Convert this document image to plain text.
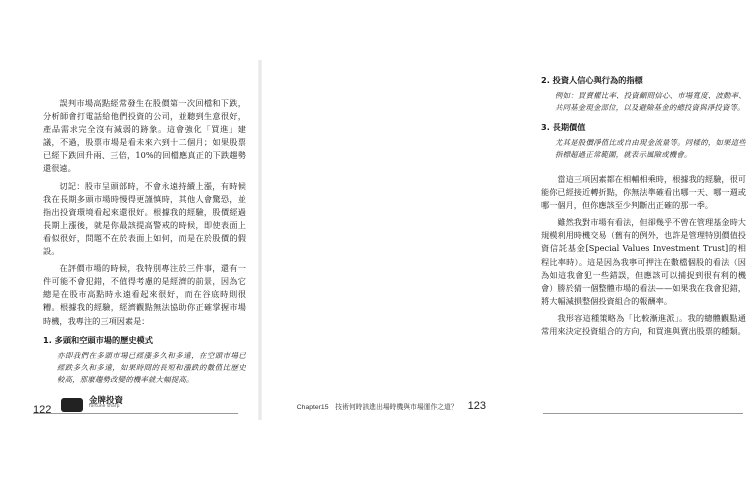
誤判市場高點經常發生在股價第一次回檔和下跌，分析師會打電話給他們投資的公司，並聽到生意很好，產品需求完全沒有減弱的跡象。這會強化「買進」建議，不過，股票市場是看未來六到十二個月；如果股票已經下跌回升兩、三倍，10%的回檔應真正的下跌趨勢還很遠。

切記：股市呈頭部時，不會永遠持續上漲，有時候我在長期多頭市場時慢得更謹慎時，其他人會驚恐，並指出投資環境看起來還很好。根據我的經驗，股價經過長期上漲後，就是你最該提高警戒的時候，即使表面上看似很好，問題不在於表面上如何，而是在於股價的假設。

在評價市場的時候，我特別專注於三件事，還有一件可能不會犯錯，不值得考慮的是經濟的前景，因為它總是在股市高點時永遠看起來很好，而在谷底時則很糟。根據我的經驗，經濟觀點無法協助你正確掌握市場時機，我專注的三項因素是：

1. 多頭和空頭市場的歷史模式
亦即我們在多頭市場已經漲多久和多遠，在空頭市場已經跌多久和多遠，如果時間的長短和漲跌的數值比歷史較高，那麼趨勢改變的機率就大幅提高。
122
金牌投資
fortune sharp
2. 投資人信心與行為的指標
例如：買賣權比率、投資顧問信心、市場寬度、波動率、共同基金現金部位，以及避險基金的總投資與淨投資等。
3. 長期價值
尤其是股價淨值比或自由現金流量等。同樣的，如果這些指標超過正常範圍，就表示風險或機會。

當這三項因素都在相輔相乘時，根據我的經驗，很可能你已經接近轉折點，你無法準確看出哪一天、哪一週或哪一個月，但你應該至少判斷出正確的那一季。

雖然我對市場有看法，但卻幾乎不曾在管理基金時大規模利用時機交易（舊有的例外，也許是管理特別價值投資信託基金[Special Values Investment Trust]的相程比率時）。這是因為我寧可押注在數檔個股的看法（因為如這我會犯一些錯誤，但應該可以捕捉到很有利的機會）勝於猜一個整體市場的看法——如果我在我會犯錯，將大幅減損整個投資組合的報酬率。

我形容這種策略為「比較漸進派」。我的總體觀點通常用來決定投資組合的方向，和買進與賣出股票的種類。

Chapter15　技術何時該進出場時機與市場運作之道？ 123
